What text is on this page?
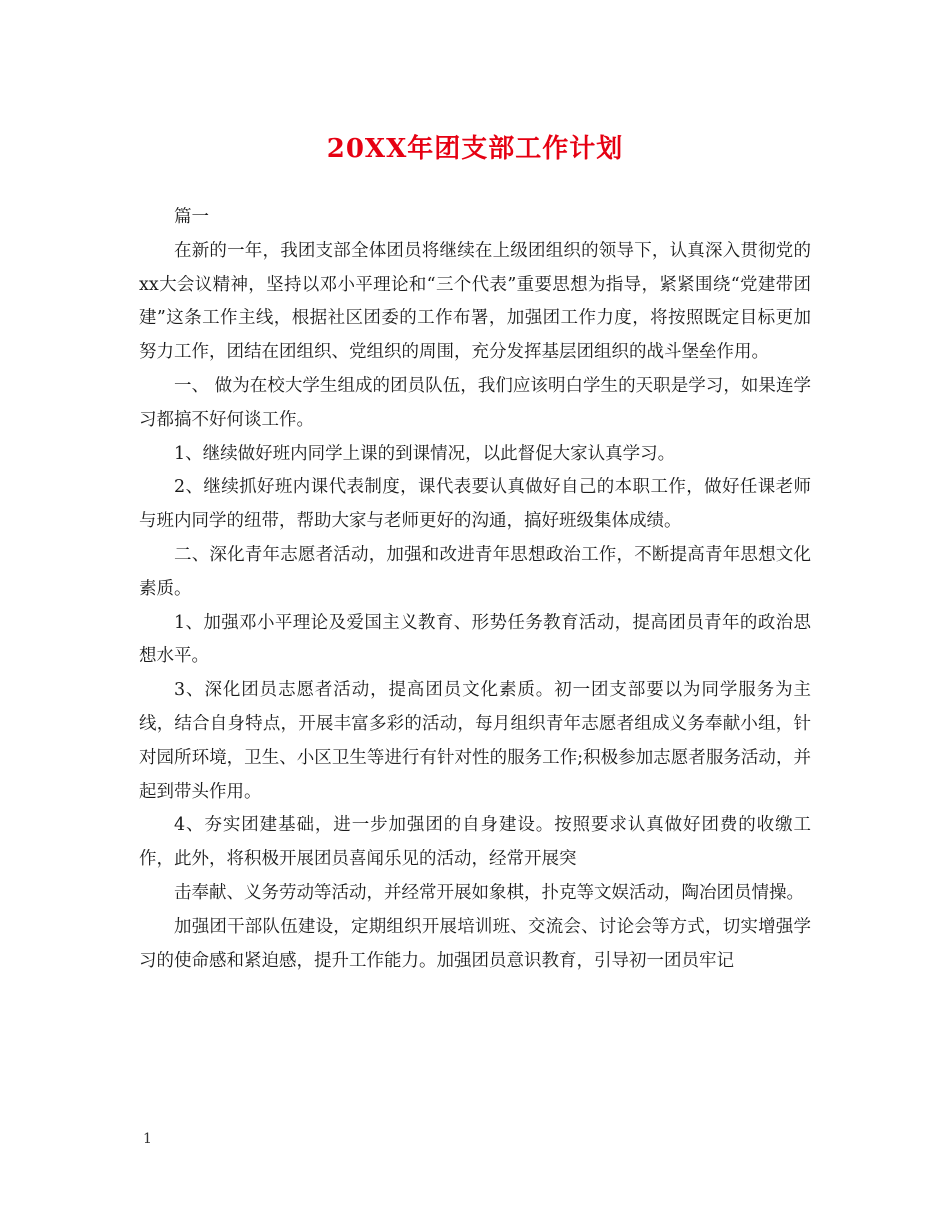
20XX年团支部工作计划

篇一

在新的一年，我团支部全体团员将继续在上级团组织的领导下，认真深入贯彻党的xx大会议精神，坚持以邓小平理论和“三个代表”重要思想为指导，紧紧围绕“党建带团建”这条工作主线，根据社区团委的工作布署，加强团工作力度，将按照既定目标更加努力工作，团结在团组织、党组织的周围，充分发挥基层团组织的战斗堡垒作用。

一、 做为在校大学生组成的团员队伍，我们应该明白学生的天职是学习，如果连学习都搞不好何谈工作。

1、继续做好班内同学上课的到课情况，以此督促大家认真学习。

2、继续抓好班内课代表制度，课代表要认真做好自己的本职工作，做好任课老师与班内同学的纽带，帮助大家与老师更好的沟通，搞好班级集体成绩。

二、深化青年志愿者活动，加强和改进青年思想政治工作，不断提高青年思想文化素质。

1、加强邓小平理论及爱国主义教育、形势任务教育活动，提高团员青年的政治思想水平。

3、深化团员志愿者活动，提高团员文化素质。初一团支部要以为同学服务为主线，结合自身特点，开展丰富多彩的活动，每月组织青年志愿者组成义务奉献小组，针对园所环境，卫生、小区卫生等进行有针对性的服务工作;积极参加志愿者服务活动，并起到带头作用。

4、夯实团建基础，进一步加强团的自身建设。按照要求认真做好团费的收缴工作，此外，将积极开展团员喜闻乐见的活动，经常开展突

击奉献、义务劳动等活动，并经常开展如象棋，扑克等文娱活动，陶冶团员情操。

加强团干部队伍建设，定期组织开展培训班、交流会、讨论会等方式，切实增强学习的使命感和紧迫感，提升工作能力。加强团员意识教育，引导初一团员牢记

1
